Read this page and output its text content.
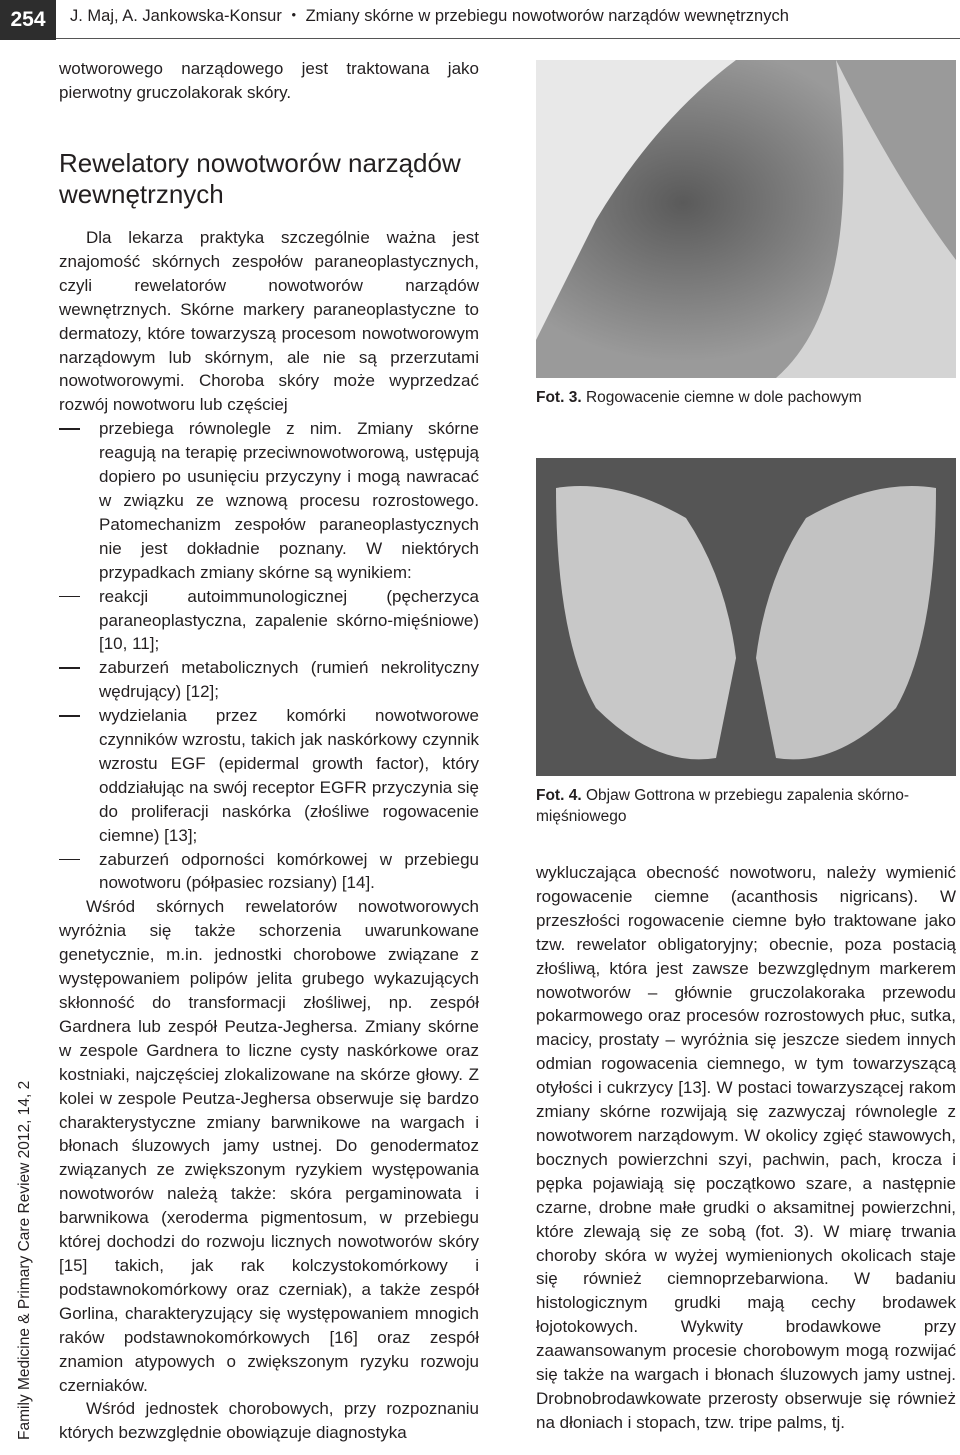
254	J. Maj, A. Jankowska-Konsur • Zmiany skórne w przebiegu nowotworów narządów wewnętrznych
Family Medicine & Primary Care Review 2012, 14, 2

wotworowego narządowego jest traktowana jako pierwotny gruczolakorak skóry.

Rewelatory nowotworów narządów wewnętrznych

Dla lekarza praktyka szczególnie ważna jest znajomość skórnych zespołów paraneoplastycznych, czyli rewelatorów nowotworów narządów wewnętrznych. Skórne markery paraneoplastyczne to dermatozy, które towarzyszą procesom nowotworowym narządowym lub skórnym, ale nie są przerzutami nowotworowymi. Choroba skóry może wyprzedzać rozwój nowotworu lub częściej

przebiega równolegle z nim. Zmiany skórne reagują na terapię przeciwnowotworową, ustępują dopiero po usunięciu przyczyny i mogą nawracać w związku ze wznową procesu rozrostowego. Patomechanizm zespołów paraneoplastycznych nie jest dokładnie poznany. W niektórych przypadkach zmiany skórne są wynikiem:
reakcji autoimmunologicznej (pęcherzyca paraneoplastyczna, zapalenie skórno-mięśniowe) [10, 11];
zaburzeń metabolicznych (rumień nekrolityczny wędrujący) [12];
wydzielania przez komórki nowotworowe czynników wzrostu, takich jak naskórkowy czynnik wzrostu EGF (epidermal growth factor), który oddziałując na swój receptor EGFR przyczynia się do proliferacji naskórka (złośliwe rogowacenie ciemne) [13];
zaburzeń odporności komórkowej w przebiegu nowotworu (półpasiec rozsiany) [14].

Wśród skórnych rewelatorów nowotworowych wyróżnia się także schorzenia uwarunkowane genetycznie, m.in. jednostki chorobowe związane z występowaniem polipów jelita grubego wykazujących skłonność do transformacji złośliwej, np. zespół Gardnera lub zespół Peutza-Jeghersa. Zmiany skórne w zespole Gardnera to liczne cysty naskórkowe oraz kostniaki, najczęściej zlokalizowane na skórze głowy. Z kolei w zespole Peutza-Jeghersa obserwuje się bardzo charakterystyczne zmiany barwnikowe na wargach i błonach śluzowych jamy ustnej. Do genodermatoz związanych ze zwiększonym ryzykiem występowania nowotworów należą także: skóra pergaminowata i barwnikowa (xeroderma pigmentosum, w przebiegu której dochodzi do rozwoju licznych nowotworów skóry [15] takich, jak rak kolczystokomórkowy i podstawnokomórkowy oraz czerniak), a także zespół Gorlina, charakteryzujący się występowaniem mnogich raków podstawnokomórkowych [16] oraz zespół znamion atypowych o zwiększonym ryzyku rozwoju czerniaków.

Wśród jednostek chorobowych, przy rozpoznaniu których bezwzględnie obowiązuje diagnostyka

Fot. 3. Rogowacenie ciemne w dole pachowym
Fot. 4. Objaw Gottrona w przebiegu zapalenia skórno-mięśniowego

wykluczająca obecność nowotworu, należy wymienić rogowacenie ciemne (acanthosis nigricans). W przeszłości rogowacenie ciemne było traktowane jako tzw. rewelator obligatoryjny; obecnie, poza postacią złośliwą, która jest zawsze bezwzględnym markerem nowotworów – głównie gruczolakoraka przewodu pokarmowego oraz procesów rozrostowych płuc, sutka, macicy, prostaty – wyróżnia się jeszcze siedem innych odmian rogowacenia ciemnego, w tym towarzyszącą otyłości i cukrzycy [13]. W postaci towarzyszącej rakom zmiany skórne rozwijają się zazwyczaj równolegle z nowotworem narządowym. W okolicy zgięć stawowych, bocznych powierzchni szyi, pachwin, pach, krocza i pępka pojawiają się początkowo szare, a następnie czarne, drobne małe grudki o aksamitnej powierzchni, które zlewają się ze sobą (fot. 3). W miarę trwania choroby skóra w wyżej wymienionych okolicach staje się również ciemnoprzebarwiona. W badaniu histologicznym grudki mają cechy brodawek łojotokowych. Wykwity brodawkowe przy zaawansowanym procesie chorobowym mogą rozwijać się także na wargach i błonach śluzowych jamy ustnej. Drobnobrodawkowate przerosty obserwuje się również na dłoniach i stopach, tzw. tripe palms, tj.
